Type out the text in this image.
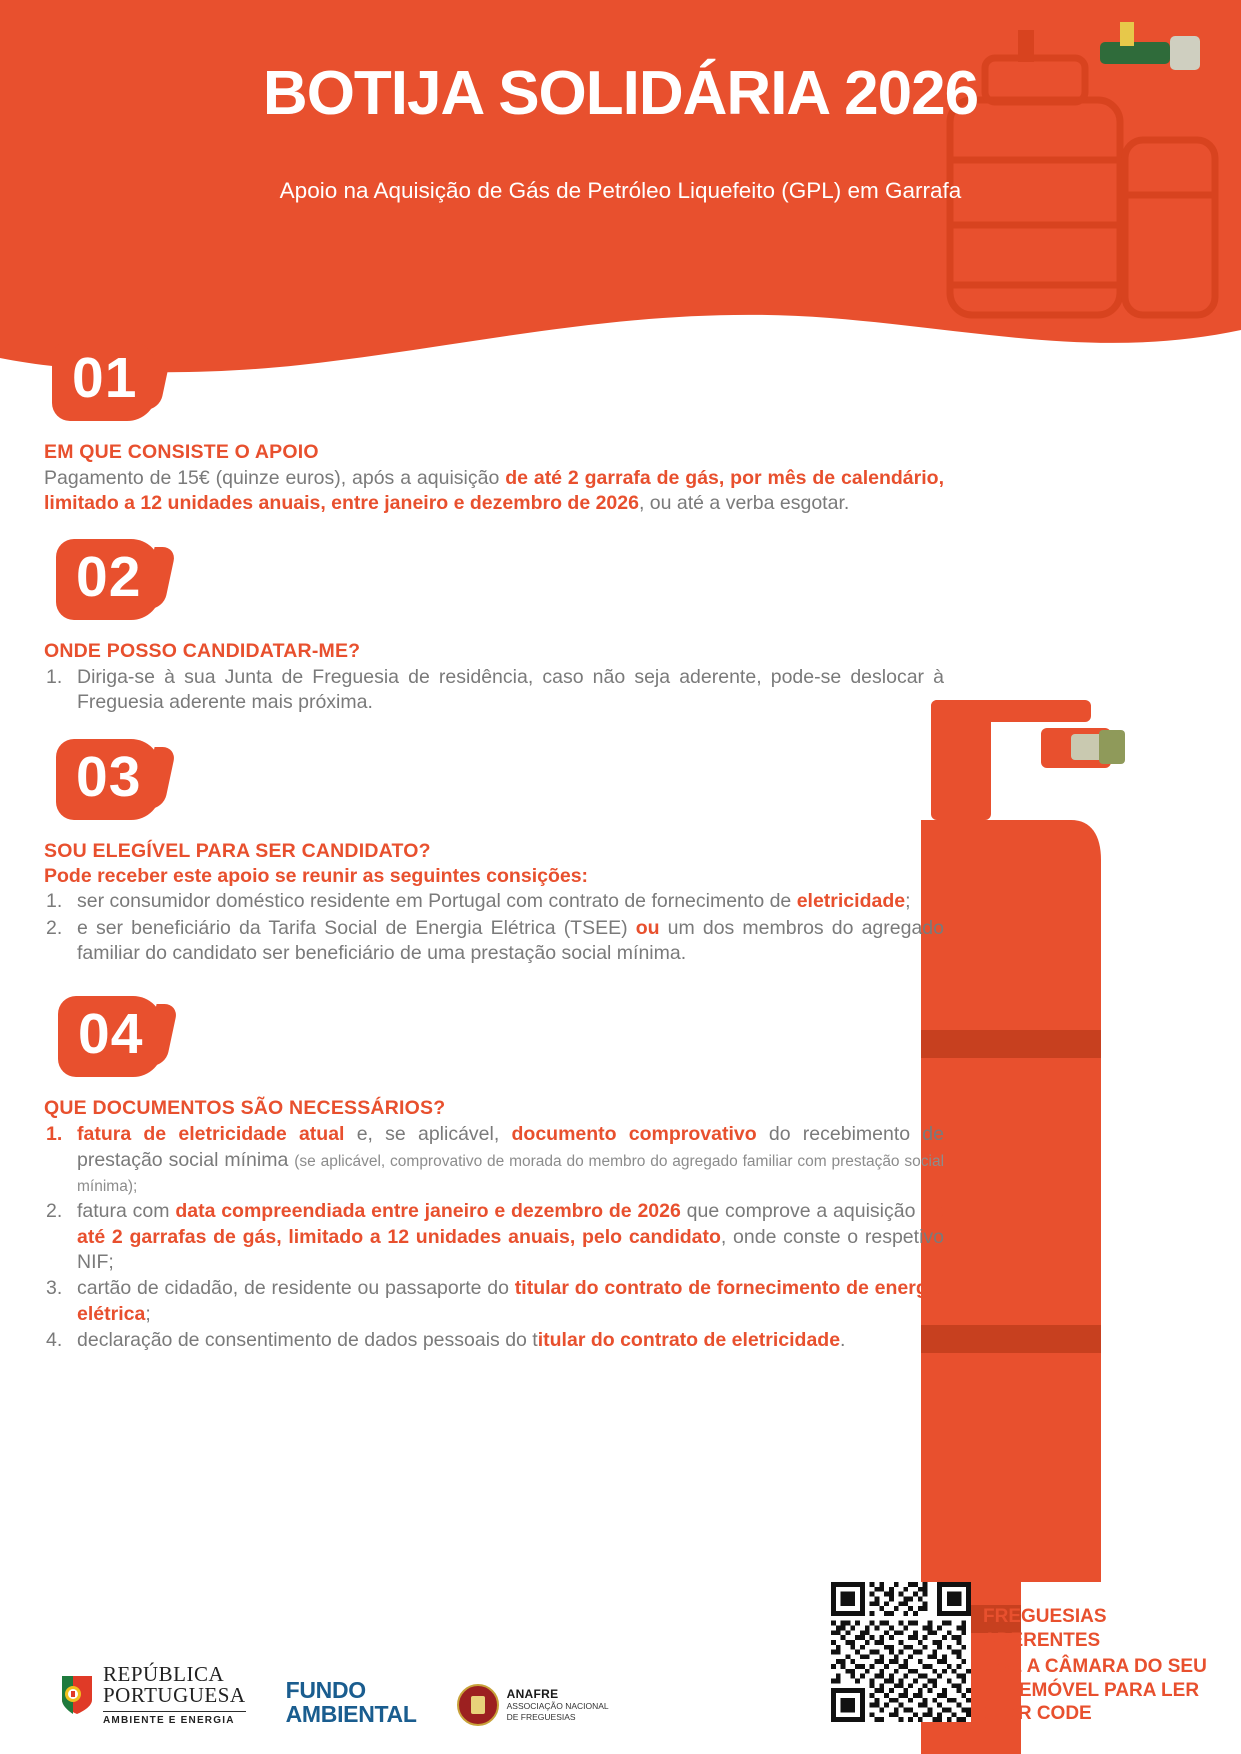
BOTIJA SOLIDÁRIA 2026
Apoio na Aquisição de Gás de Petróleo Liquefeito (GPL) em Garrafa
01
EM QUE CONSISTE O APOIO
Pagamento de 15€ (quinze euros), após a aquisição de até 2 garrafa de gás, por mês de calendário, limitado a 12 unidades anuais, entre janeiro e dezembro de 2026, ou até a verba esgotar.
02
ONDE POSSO CANDIDATAR-ME?
1. Diriga-se à sua Junta de Freguesia de residência, caso não seja aderente, pode-se deslocar à Freguesia aderente mais próxima.
03
SOU ELEGÍVEL PARA SER CANDIDATO?
Pode receber este apoio se reunir as seguintes consições:
1. ser consumidor doméstico residente em Portugal com contrato de fornecimento de eletricidade;
2. e ser beneficiário da Tarifa Social de Energia Elétrica (TSEE) ou um dos membros do agregado familiar do candidato ser beneficiário de uma prestação social mínima.
04
QUE DOCUMENTOS SÃO NECESSÁRIOS?
1. fatura de eletricidade atual e, se aplicável, documento comprovativo do recebimento de prestação social mínima (se aplicável, comprovativo de morada do membro do agregado familiar com prestação social mínima);
2. fatura com data compreendiada entre janeiro e dezembro de 2026 que comprove a aquisição de até 2 garrafas de gás, limitado a 12 unidades anuais, pelo candidato, onde conste o respetivo NIF;
3. cartão de cidadão, de residente ou passaporte do titular do contrato de fornecimento de energia elétrica;
4. declaração de consentimento de dados pessoais do titular do contrato de eletricidade.
FREGUESIAS
ADERENTES
USE A CÂMARA DO SEU TELEMÓVEL PARA LER O QR CODE
REPÚBLICA
PORTUGUESA
AMBIENTE E ENERGIA
FUNDO
AMBIENTAL
ANAFRE
ASSOCIAÇÃO NACIONAL
DE FREGUESIAS
